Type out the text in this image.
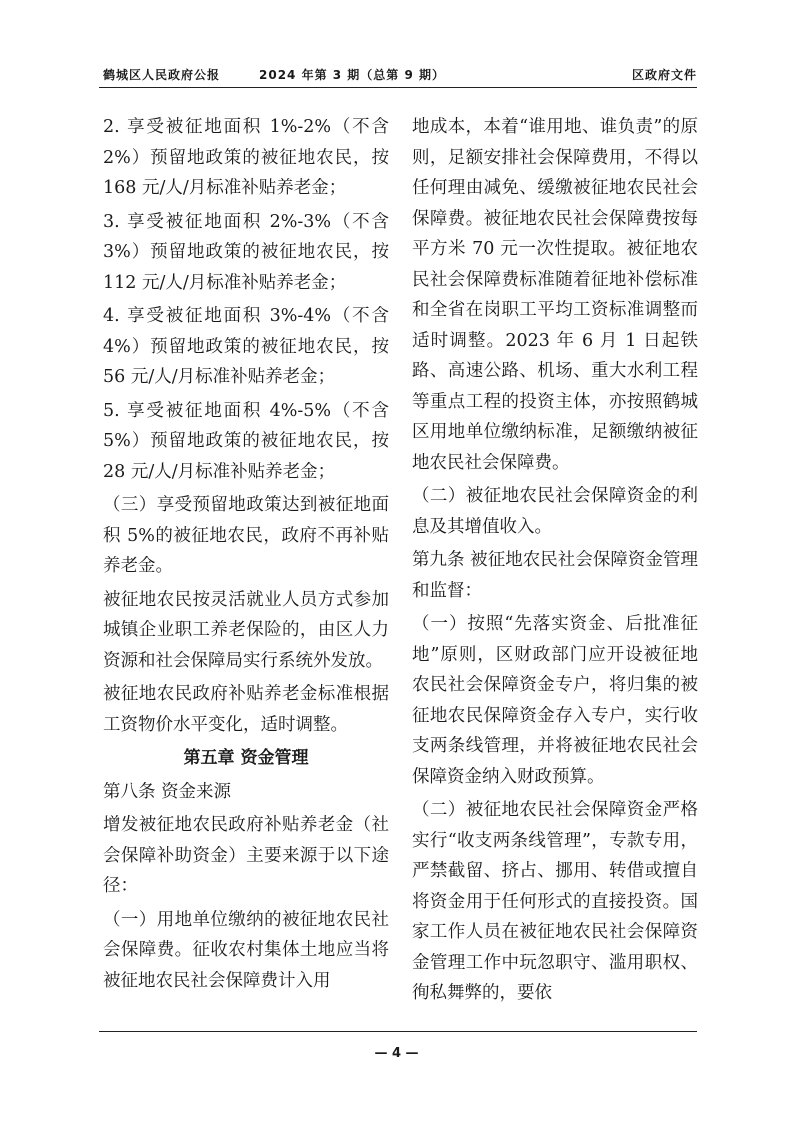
鹤城区人民政府公报	2024 年第 3 期（总第 9 期）	区政府文件

2. 享受被征地面积 1%-2%（不含 2%）预留地政策的被征地农民，按 168 元/人/月标准补贴养老金；

3. 享受被征地面积 2%-3%（不含 3%）预留地政策的被征地农民，按 112 元/人/月标准补贴养老金；

4. 享受被征地面积 3%-4%（不含 4%）预留地政策的被征地农民，按 56 元/人/月标准补贴养老金；

5. 享受被征地面积 4%-5%（不含 5%）预留地政策的被征地农民，按 28 元/人/月标准补贴养老金；

（三）享受预留地政策达到被征地面积 5%的被征地农民，政府不再补贴养老金。

被征地农民按灵活就业人员方式参加城镇企业职工养老保险的，由区人力资源和社会保障局实行系统外发放。

被征地农民政府补贴养老金标准根据工资物价水平变化，适时调整。

第五章 资金管理

第八条 资金来源

增发被征地农民政府补贴养老金（社会保障补助资金）主要来源于以下途径：

（一）用地单位缴纳的被征地农民社会保障费。征收农村集体土地应当将被征地农民社会保障费计入用

地成本，本着“谁用地、谁负责”的原则，足额安排社会保障费用，不得以任何理由减免、缓缴被征地农民社会保障费。被征地农民社会保障费按每平方米 70 元一次性提取。被征地农民社会保障费标准随着征地补偿标准和全省在岗职工平均工资标准调整而适时调整。2023 年 6 月 1 日起铁路、高速公路、机场、重大水利工程等重点工程的投资主体，亦按照鹤城区用地单位缴纳标准，足额缴纳被征地农民社会保障费。

（二）被征地农民社会保障资金的利息及其增值收入。

第九条 被征地农民社会保障资金管理和监督：

（一）按照“先落实资金、后批准征地”原则，区财政部门应开设被征地农民社会保障资金专户，将归集的被征地农民保障资金存入专户，实行收支两条线管理，并将被征地农民社会保障资金纳入财政预算。

（二）被征地农民社会保障资金严格实行“收支两条线管理”，专款专用，严禁截留、挤占、挪用、转借或擅自将资金用于任何形式的直接投资。国家工作人员在被征地农民社会保障资金管理工作中玩忽职守、滥用职权、徇私舞弊的，要依

— 4 —
